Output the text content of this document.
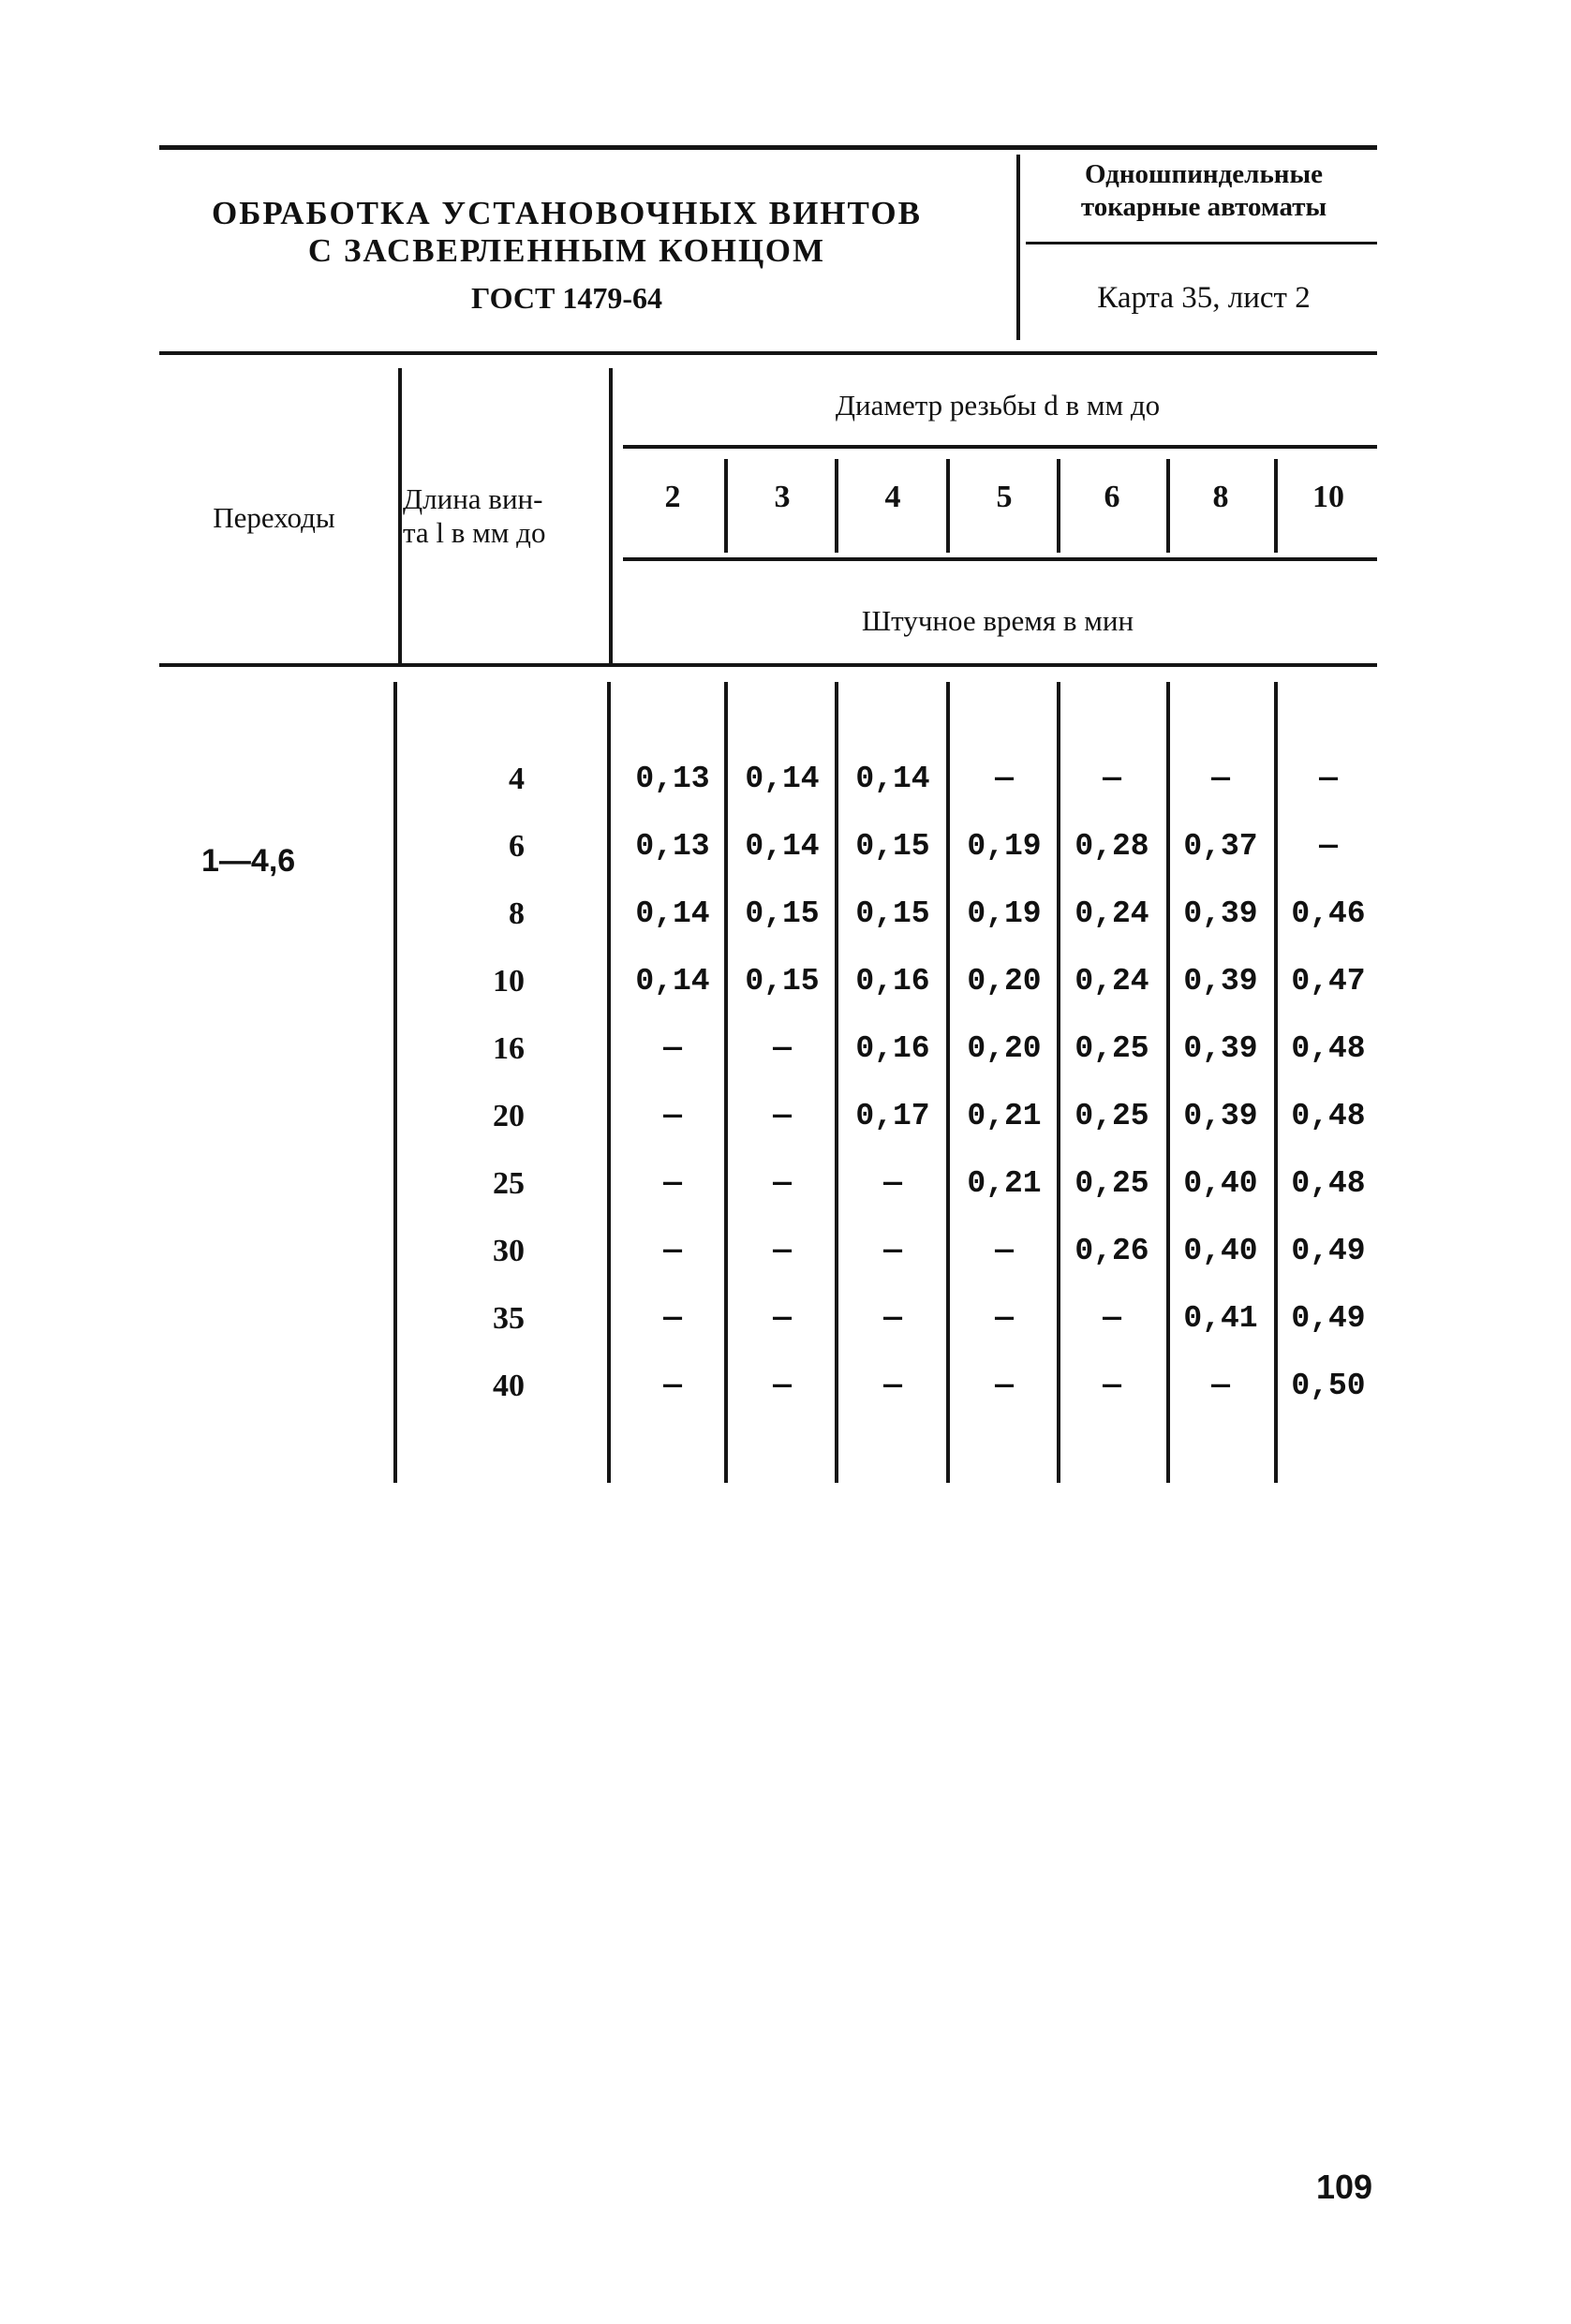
ОБРАБОТКА УСТАНОВОЧНЫХ ВИНТОВ
С ЗАСВЕРЛЕННЫМ КОНЦОМ
ГОСТ 1479-64
Одношпиндельные
токарные автоматы
Карта 35, лист 2
Переходы
Длина вин-
та l в мм до
Диаметр резьбы d в мм до
2	3	4	5	6	8	10
Штучное время в мин
1—4,6
4	0,13	0,14	0,14	—	—	—	—
6	0,13	0,14	0,15	0,19	0,28	0,37	—
8	0,14	0,15	0,15	0,19	0,24	0,39	0,46
10	0,14	0,15	0,16	0,20	0,24	0,39	0,47
16	—	—	0,16	0,20	0,25	0,39	0,48
20	—	—	0,17	0,21	0,25	0,39	0,48
25	—	—	—	0,21	0,25	0,40	0,48
30	—	—	—	—	0,26	0,40	0,49
35	—	—	—	—	—	0,41	0,49
40	—	—	—	—	—	—	0,50
109
